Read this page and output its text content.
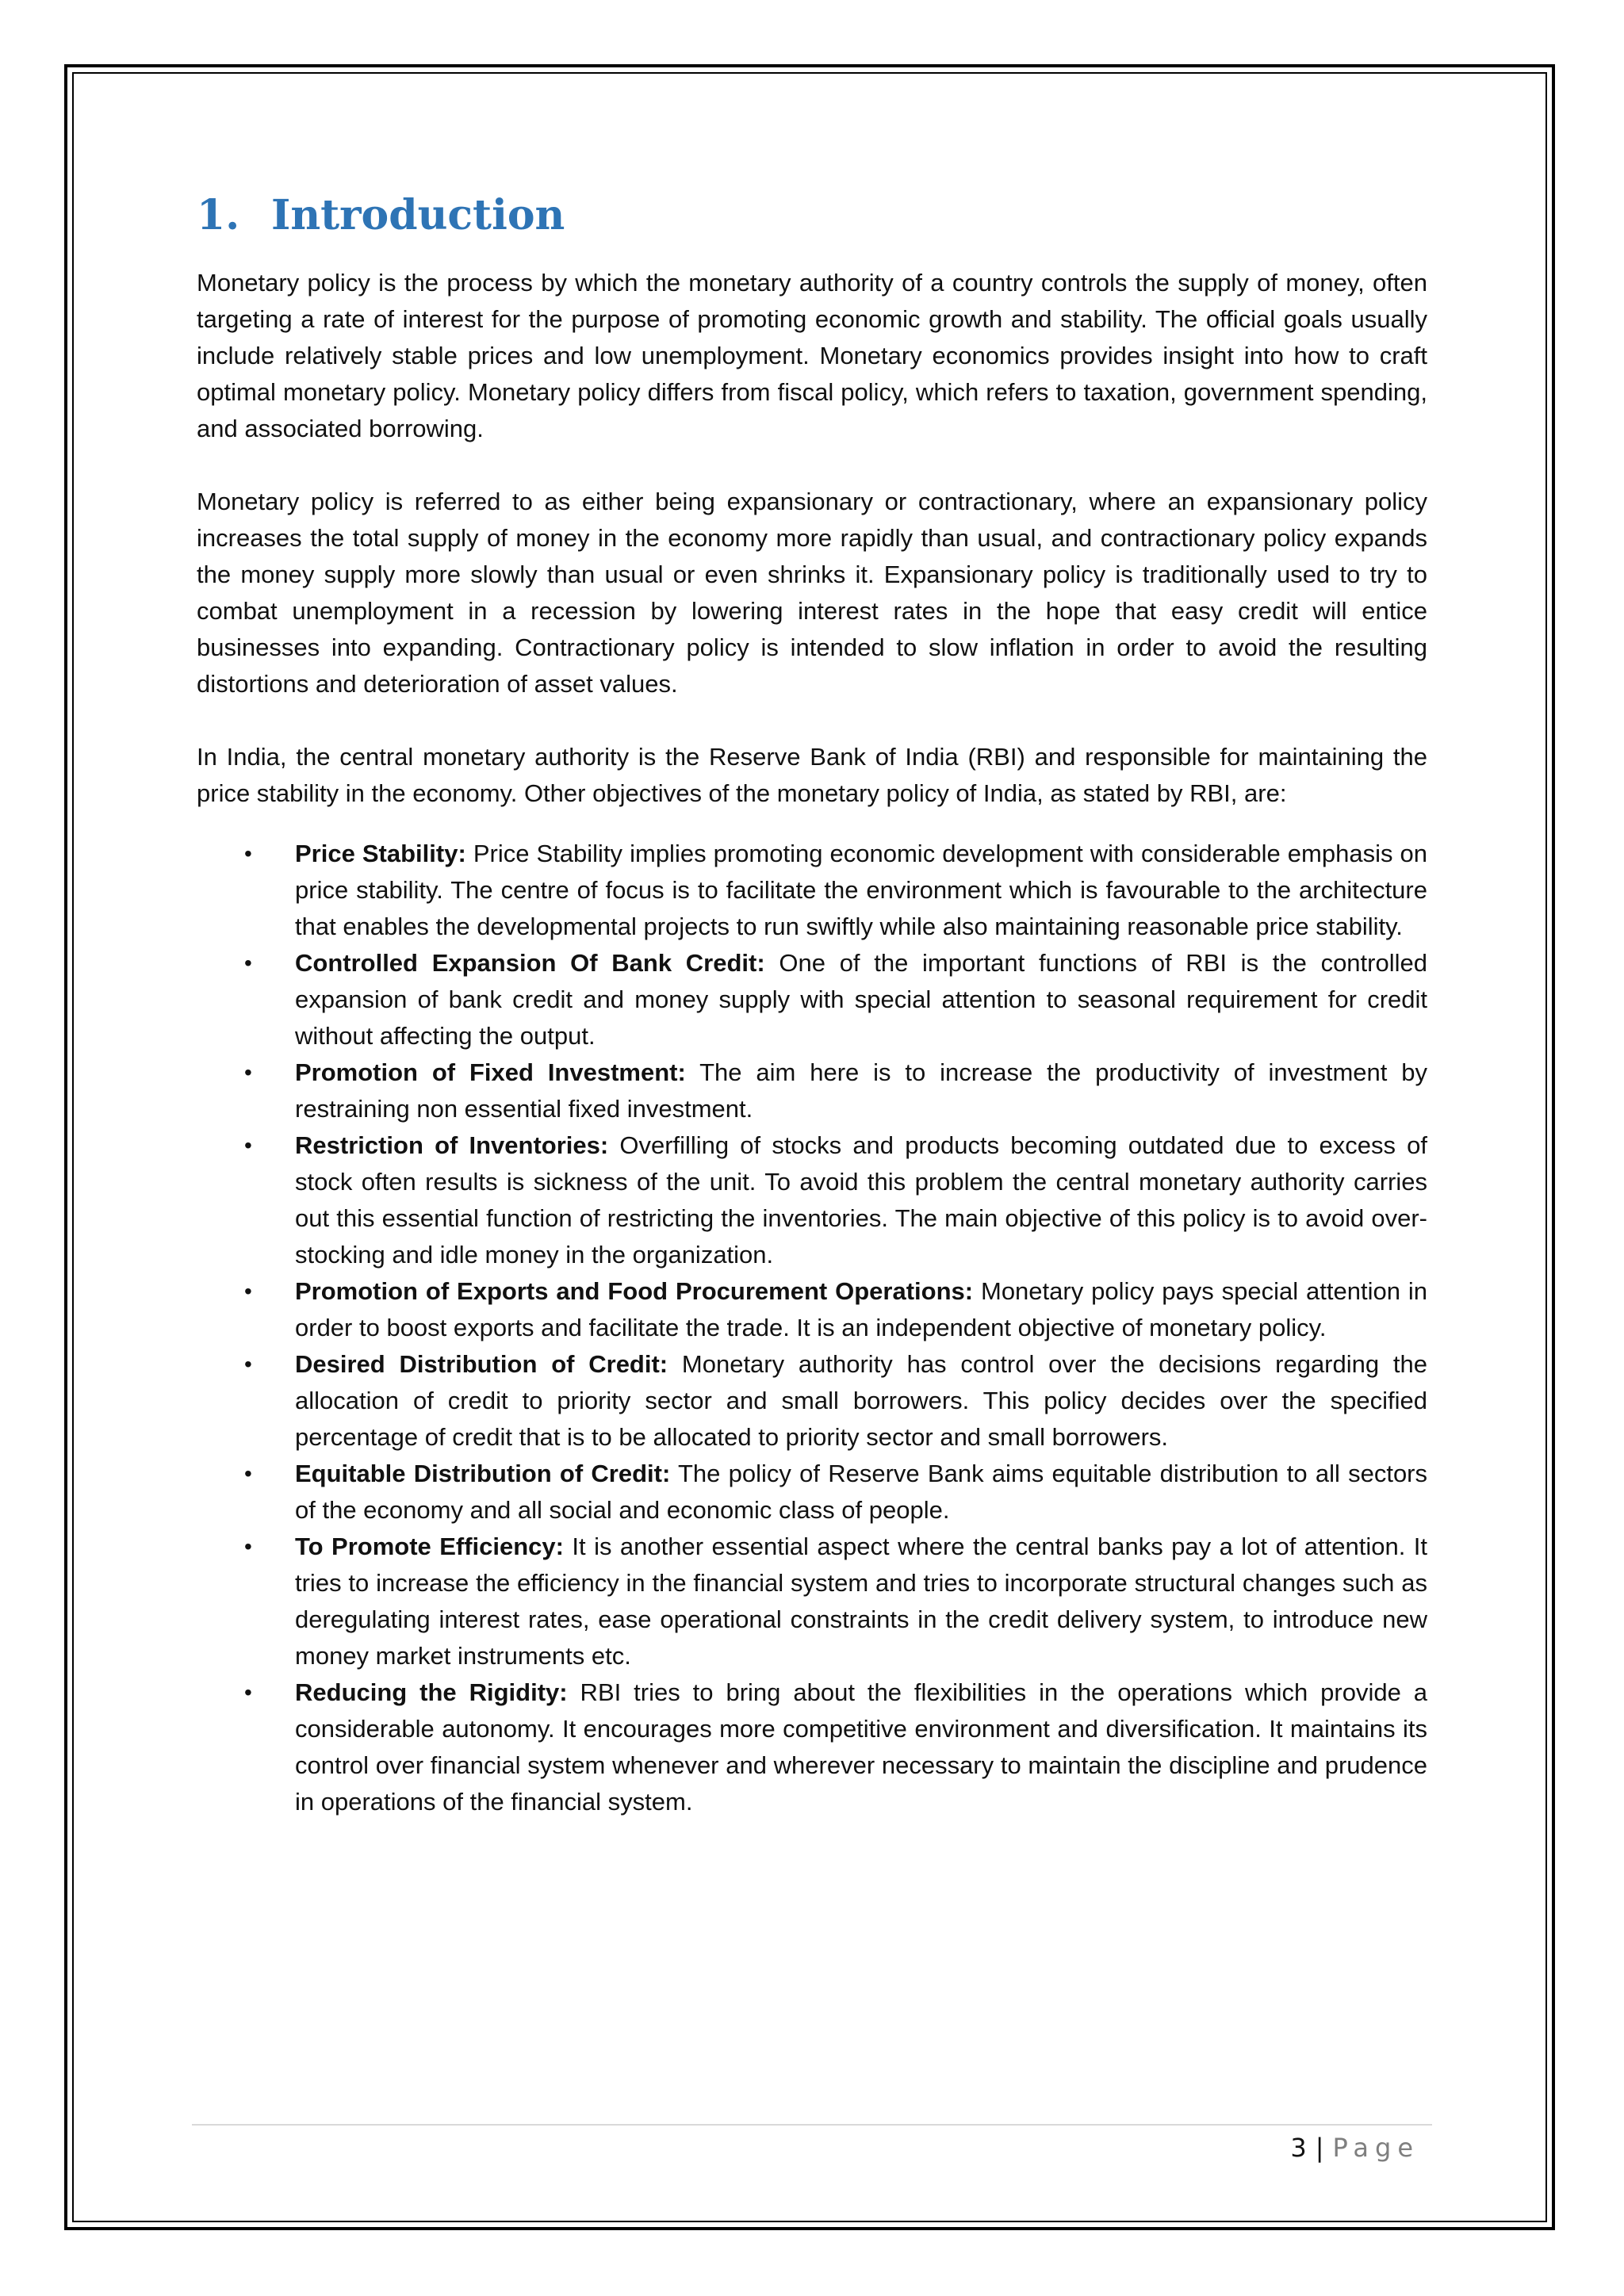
1. Introduction

Monetary policy is the process by which the monetary authority of a country controls the supply of money, often targeting a rate of interest for the purpose of promoting economic growth and stability. The official goals usually include relatively stable prices and low unemployment. Monetary economics provides insight into how to craft optimal monetary policy. Monetary policy differs from fiscal policy, which refers to taxation, government spending, and associated borrowing.

Monetary policy is referred to as either being expansionary or contractionary, where an expansionary policy increases the total supply of money in the economy more rapidly than usual, and contractionary policy expands the money supply more slowly than usual or even shrinks it. Expansionary policy is traditionally used to try to combat unemployment in a recession by lowering interest rates in the hope that easy credit will entice businesses into expanding. Contractionary policy is intended to slow inflation in order to avoid the resulting distortions and deterioration of asset values.

In India, the central monetary authority is the Reserve Bank of India (RBI) and responsible for maintaining the price stability in the economy. Other objectives of the monetary policy of India, as stated by RBI, are:

• Price Stability: Price Stability implies promoting economic development with considerable emphasis on price stability. The centre of focus is to facilitate the environment which is favourable to the architecture that enables the developmental projects to run swiftly while also maintaining reasonable price stability.
• Controlled Expansion Of Bank Credit: One of the important functions of RBI is the controlled expansion of bank credit and money supply with special attention to seasonal requirement for credit without affecting the output.
• Promotion of Fixed Investment: The aim here is to increase the productivity of investment by restraining non essential fixed investment.
• Restriction of Inventories: Overfilling of stocks and products becoming outdated due to excess of stock often results is sickness of the unit. To avoid this problem the central monetary authority carries out this essential function of restricting the inventories. The main objective of this policy is to avoid over-stocking and idle money in the organization.
• Promotion of Exports and Food Procurement Operations: Monetary policy pays special attention in order to boost exports and facilitate the trade. It is an independent objective of monetary policy.
• Desired Distribution of Credit: Monetary authority has control over the decisions regarding the allocation of credit to priority sector and small borrowers. This policy decides over the specified percentage of credit that is to be allocated to priority sector and small borrowers.
• Equitable Distribution of Credit: The policy of Reserve Bank aims equitable distribution to all sectors of the economy and all social and economic class of people.
• To Promote Efficiency: It is another essential aspect where the central banks pay a lot of attention. It tries to increase the efficiency in the financial system and tries to incorporate structural changes such as deregulating interest rates, ease operational constraints in the credit delivery system, to introduce new money market instruments etc.
• Reducing the Rigidity: RBI tries to bring about the flexibilities in the operations which provide a considerable autonomy. It encourages more competitive environment and diversification. It maintains its control over financial system whenever and wherever necessary to maintain the discipline and prudence in operations of the financial system.
3 | Page
